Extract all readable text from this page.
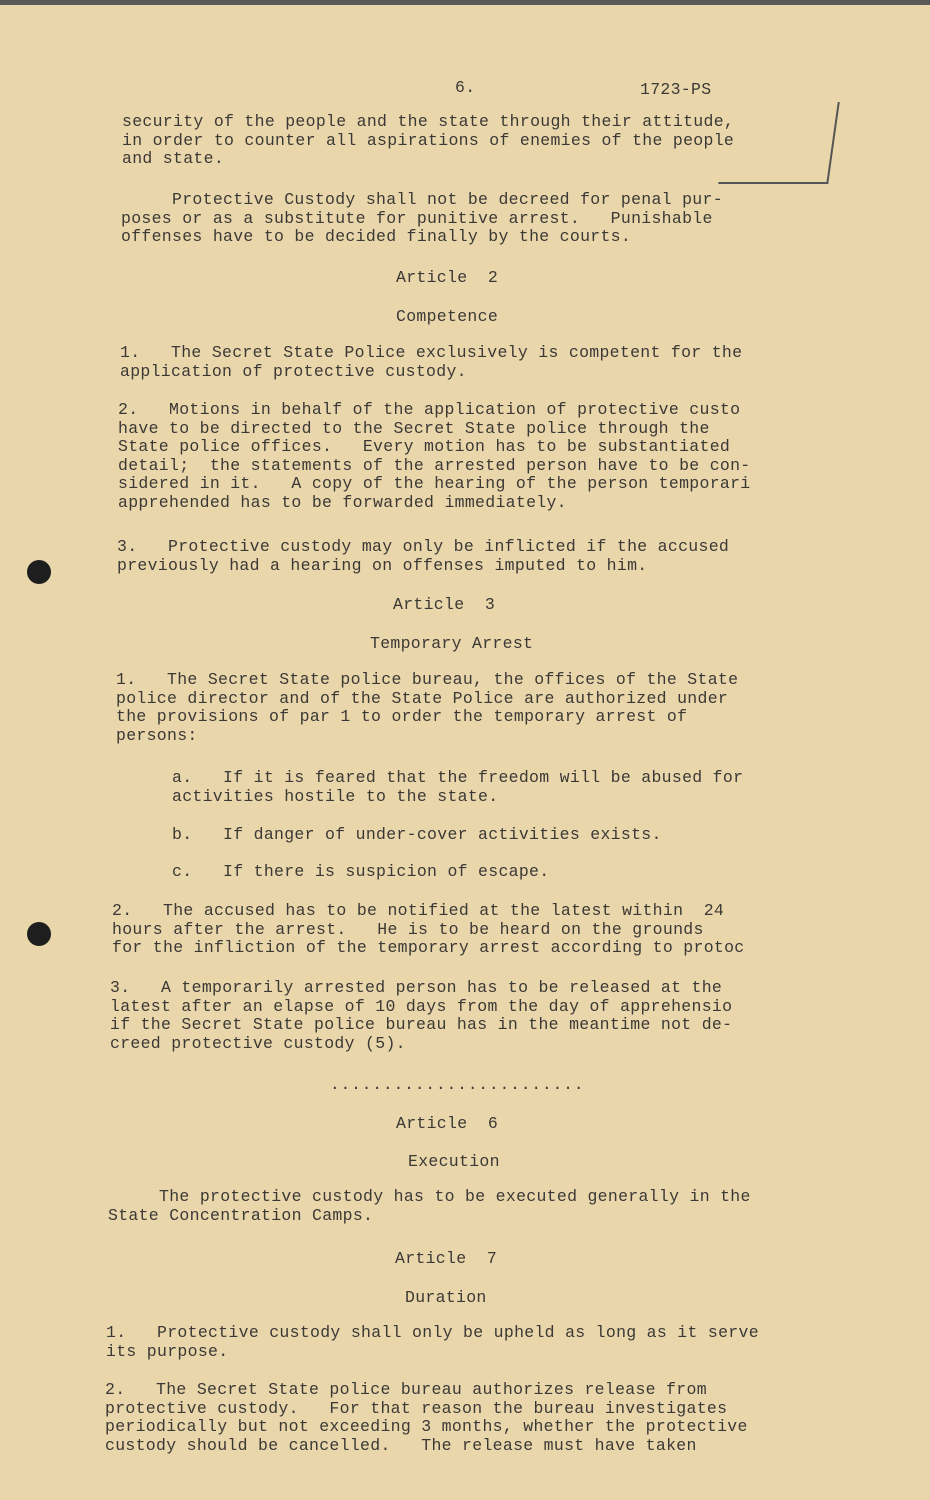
6.	1723-PS
security of the people and the state through their attitude,
in order to counter all aspirations of enemies of the people
and state.
Protective Custody shall not be decreed for penal pur-
poses or as a substitute for punitive arrest.   Punishable
offenses have to be decided finally by the courts.
Article  2
Competence
1.   The Secret State Police exclusively is competent for the
application of protective custody.
2.   Motions in behalf of the application of protective custo
have to be directed to the Secret State police through the
State police offices.   Every motion has to be substantiated
detail;  the statements of the arrested person have to be con-
sidered in it.   A copy of the hearing of the person temporari
apprehended has to be forwarded immediately.
3.   Protective custody may only be inflicted if the accused
previously had a hearing on offenses imputed to him.
Article  3
Temporary Arrest
1.   The Secret State police bureau, the offices of the State
police director and of the State Police are authorized under
the provisions of par 1 to order the temporary arrest of
persons:
a.   If it is feared that the freedom will be abused for
activities hostile to the state.
b.   If danger of under-cover activities exists.
c.   If there is suspicion of escape.
2.   The accused has to be notified at the latest within  24
hours after the arrest.   He is to be heard on the grounds
for the infliction of the temporary arrest according to protoc
3.   A temporarily arrested person has to be released at the
latest after an elapse of 10 days from the day of apprehensio
if the Secret State police bureau has in the meantime not de-
creed protective custody (5).
........................
Article  6
Execution
The protective custody has to be executed generally in the
State Concentration Camps.
Article  7
Duration
1.   Protective custody shall only be upheld as long as it serve
its purpose.
2.   The Secret State police bureau authorizes release from
protective custody.   For that reason the bureau investigates
periodically but not exceeding 3 months, whether the protective
custody should be cancelled.   The release must have taken
